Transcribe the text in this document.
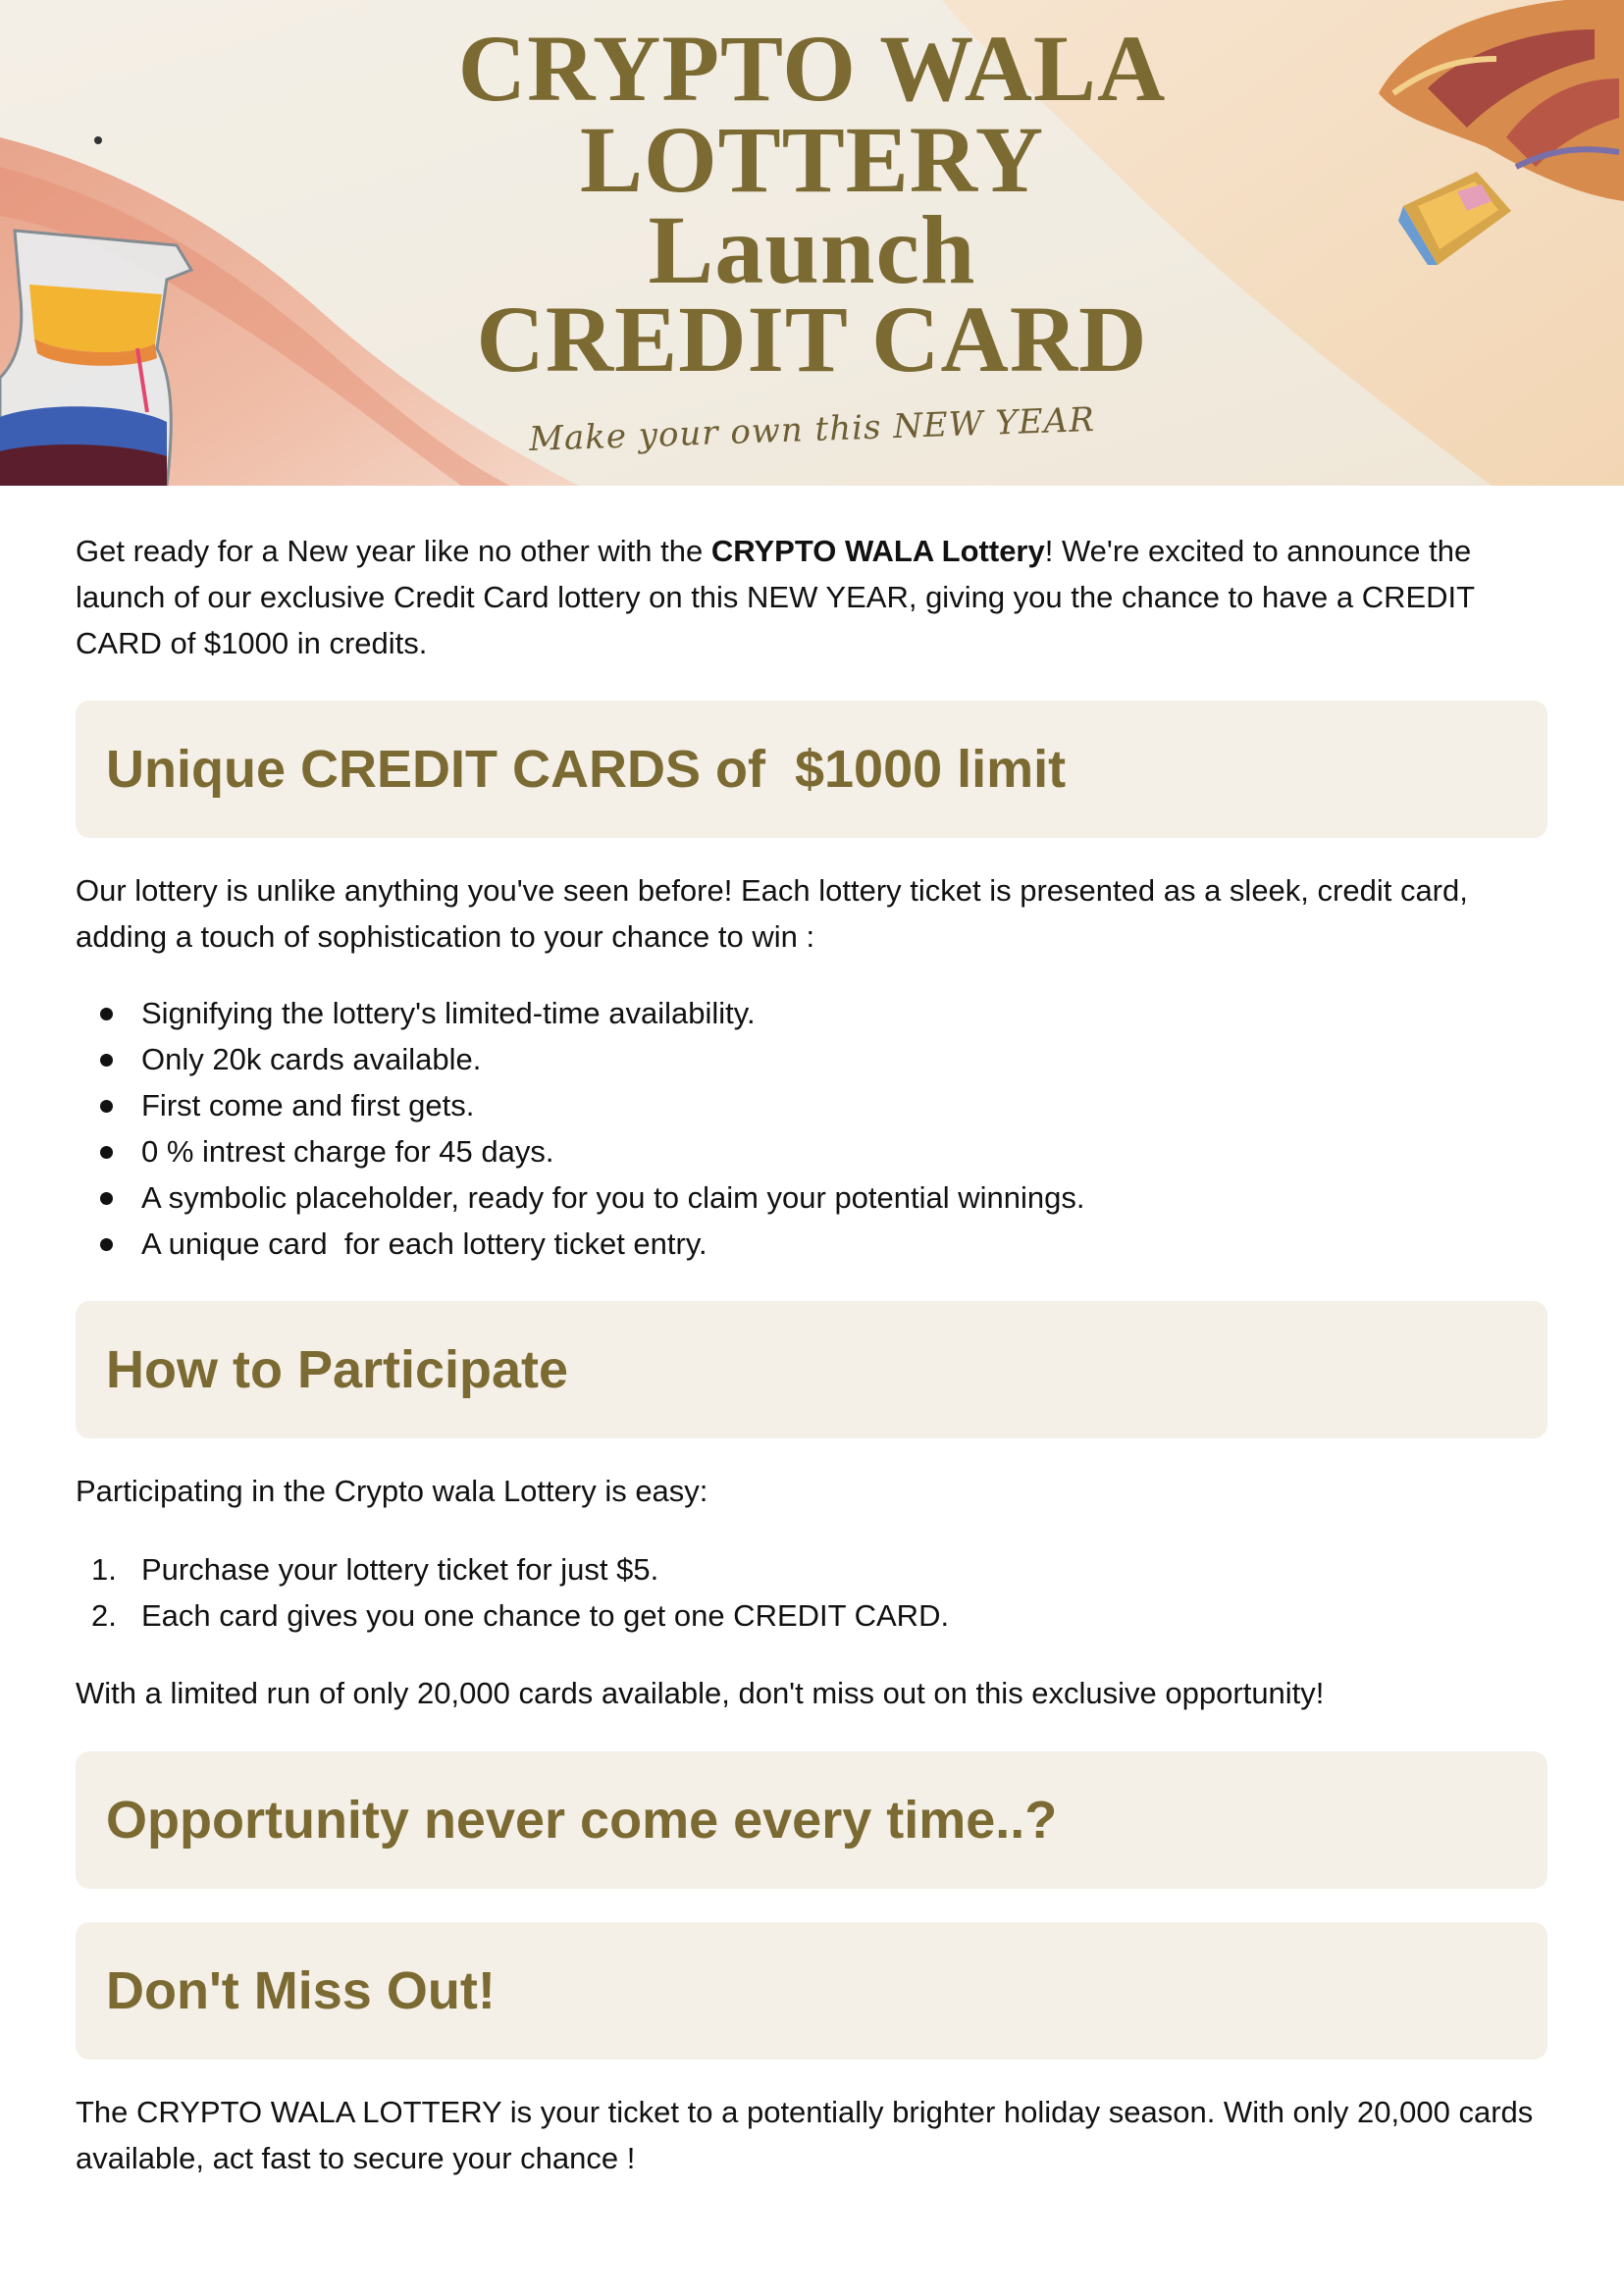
CRYPTO WALA
LOTTERY
Launch
CREDIT CARD
Make your own this NEW YEAR

Get ready for a New year like no other with the CRYPTO WALA Lottery! We're excited to announce the launch of our exclusive Credit Card lottery on this NEW YEAR, giving you the chance to have a CREDIT CARD of $1000 in credits.

Unique CREDIT CARDS of  $1000 limit

Our lottery is unlike anything you've seen before! Each lottery ticket is presented as a sleek, credit card, adding a touch of sophistication to your chance to win :

Signifying the lottery's limited-time availability.
Only 20k cards available.
First come and first gets.
0 % intrest charge for 45 days.
A symbolic placeholder, ready for you to claim your potential winnings.
A unique card  for each lottery ticket entry.
How to Participate

Participating in the Crypto wala Lottery is easy:

1. Purchase your lottery ticket for just $5.
2. Each card gives you one chance to get one CREDIT CARD.

With a limited run of only 20,000 cards available, don't miss out on this exclusive opportunity!

Opportunity never come every time..?
Don't Miss Out!

The CRYPTO WALA LOTTERY is your ticket to a potentially brighter holiday season. With only 20,000 cards available, act fast to secure your chance !
